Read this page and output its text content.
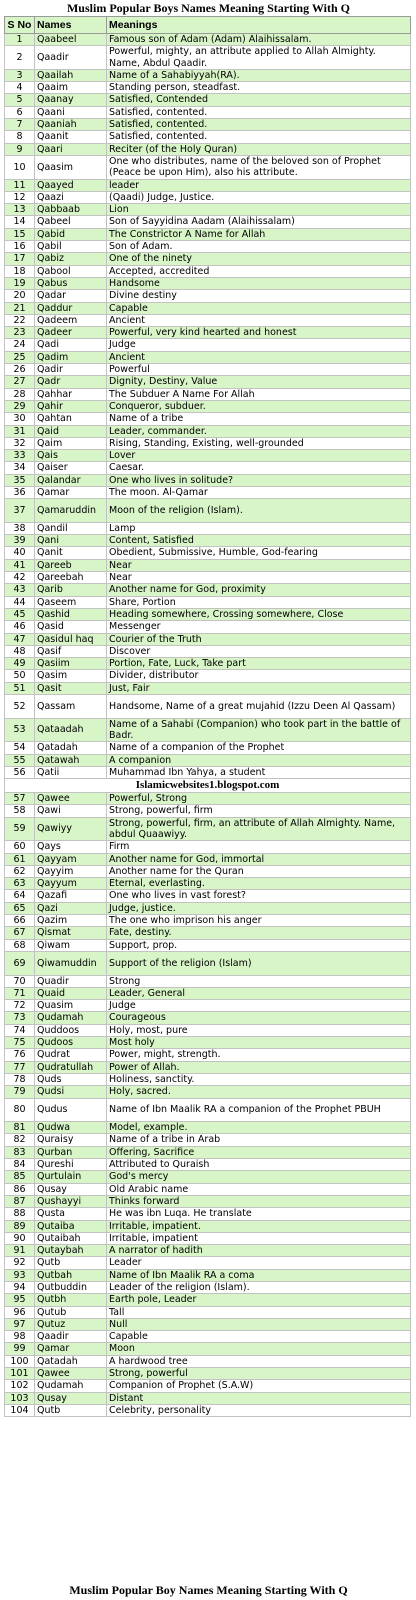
Muslim Popular Boys Names Meaning Starting With Q
S No	Names	Meanings
1	Qaabeel	Famous son of Adam (Adam) Alaihissalam.
2	Qaadir	Powerful, mighty, an attribute applied to Allah Almighty. Name, Abdul Qaadir.
3	Qaailah	Name of a Sahabiyyah(RA).
4	Qaaim	Standing person, steadfast.
5	Qaanay	Satisfied, Contended
6	Qaani	Satisfied, contented.
7	Qaaniah	Satisfied, contented.
8	Qaanit	Satisfied, contented.
9	Qaari	Reciter (of the Holy Quran)
10	Qaasim	One who distributes, name of the beloved son of Prophet (Peace be upon Him), also his attribute.
11	Qaayed	leader
12	Qaazi	(Qaadi) Judge, Justice.
13	Qabbaab	Lion
14	Qabeel	Son of Sayyidina Aadam (Alaihissalam)
15	Qabid	The Constrictor A Name for Allah
16	Qabil	Son of Adam.
17	Qabiz	One of the ninety
18	Qabool	Accepted, accredited
19	Qabus	Handsome
20	Qadar	Divine destiny
21	Qaddur	Capable
22	Qadeem	Ancient
23	Qadeer	Powerful, very kind hearted and honest
24	Qadi	Judge
25	Qadim	Ancient
26	Qadir	Powerful
27	Qadr	Dignity, Destiny, Value
28	Qahhar	The Subduer A Name For Allah
29	Qahir	Conqueror, subduer.
30	Qahtan	Name of a tribe
31	Qaid	Leader, commander.
32	Qaim	Rising, Standing, Existing, well-grounded
33	Qais	Lover
34	Qaiser	Caesar.
35	Qalandar	One who lives in solitude?
36	Qamar	The moon. Al-Qamar
37	Qamaruddin	Moon of the religion (Islam).
38	Qandil	Lamp
39	Qani	Content, Satisfied
40	Qanit	Obedient, Submissive, Humble, God-fearing
41	Qareeb	Near
42	Qareebah	Near
43	Qarib	Another name for God, proximity
44	Qaseem	Share, Portion
45	Qashid	Heading somewhere, Crossing somewhere, Close
46	Qasid	Messenger
47	Qasidul haq	Courier of the Truth
48	Qasif	Discover
49	Qasiim	Portion, Fate, Luck, Take part
50	Qasim	Divider, distributor
51	Qasit	Just, Fair
52	Qassam	Handsome, Name of a great mujahid (Izzu Deen Al Qassam)
53	Qataadah	Name of a Sahabi (Companion) who took part in the battle of Badr.
54	Qatadah	Name of a companion of the Prophet
55	Qatawah	A companion
56	Qatii	Muhammad Ibn Yahya, a student
Islamicwebsites1.blogspot.com		
57	Qawee	Powerful, Strong
58	Qawi	Strong, powerful, firm
59	Qawiyy	Strong, powerful, firm, an attribute of Allah Almighty. Name, abdul Quaawiyy.
60	Qays	Firm
61	Qayyam	Another name for God, immortal
62	Qayyim	Another name for the Quran
63	Qayyum	Eternal, everlasting.
64	Qazafi	One who lives in vast forest?
65	Qazi	Judge, justice.
66	Qazim	The one who imprison his anger
67	Qismat	Fate, destiny.
68	Qiwam	Support, prop.
69	Qiwamuddin	Support of the religion (Islam)
70	Quadir	Strong
71	Quaid	Leader, General
72	Quasim	Judge
73	Qudamah	Courageous
74	Quddoos	Holy, most, pure
75	Qudoos	Most holy
76	Qudrat	Power, might, strength.
77	Qudratullah	Power of Allah.
78	Quds	Holiness, sanctity.
79	Qudsi	Holy, sacred.
80	Qudus	Name of Ibn Maalik RA a companion of the Prophet PBUH
81	Qudwa	Model, example.
82	Quraisy	Name of a tribe in Arab
83	Qurban	Offering, Sacrifice
84	Qureshi	Attributed to Quraish
85	Qurtulain	God's mercy
86	Qusay	Old Arabic name
87	Qushayyi	Thinks forward
88	Qusta	He was ibn Luqa. He translate
89	Qutaiba	Irritable, impatient.
90	Qutaibah	Irritable, impatient
91	Qutaybah	A narrator of hadith
92	Qutb	Leader
93	Qutbah	Name of Ibn Maalik RA a coma
94	Qutbuddin	Leader of the religion (Islam).
95	Qutbh	Earth pole, Leader
96	Qutub	Tall
97	Qutuz	Null
98	Qaadir	Capable
99	Qamar	Moon
100	Qatadah	A hardwood tree
101	Qawee	Strong, powerful
102	Qudamah	Companion of Prophet (S.A.W)
103	Qusay	Distant
104	Qutb	Celebrity, personality
Muslim Popular Boy Names Meaning Starting With Q
